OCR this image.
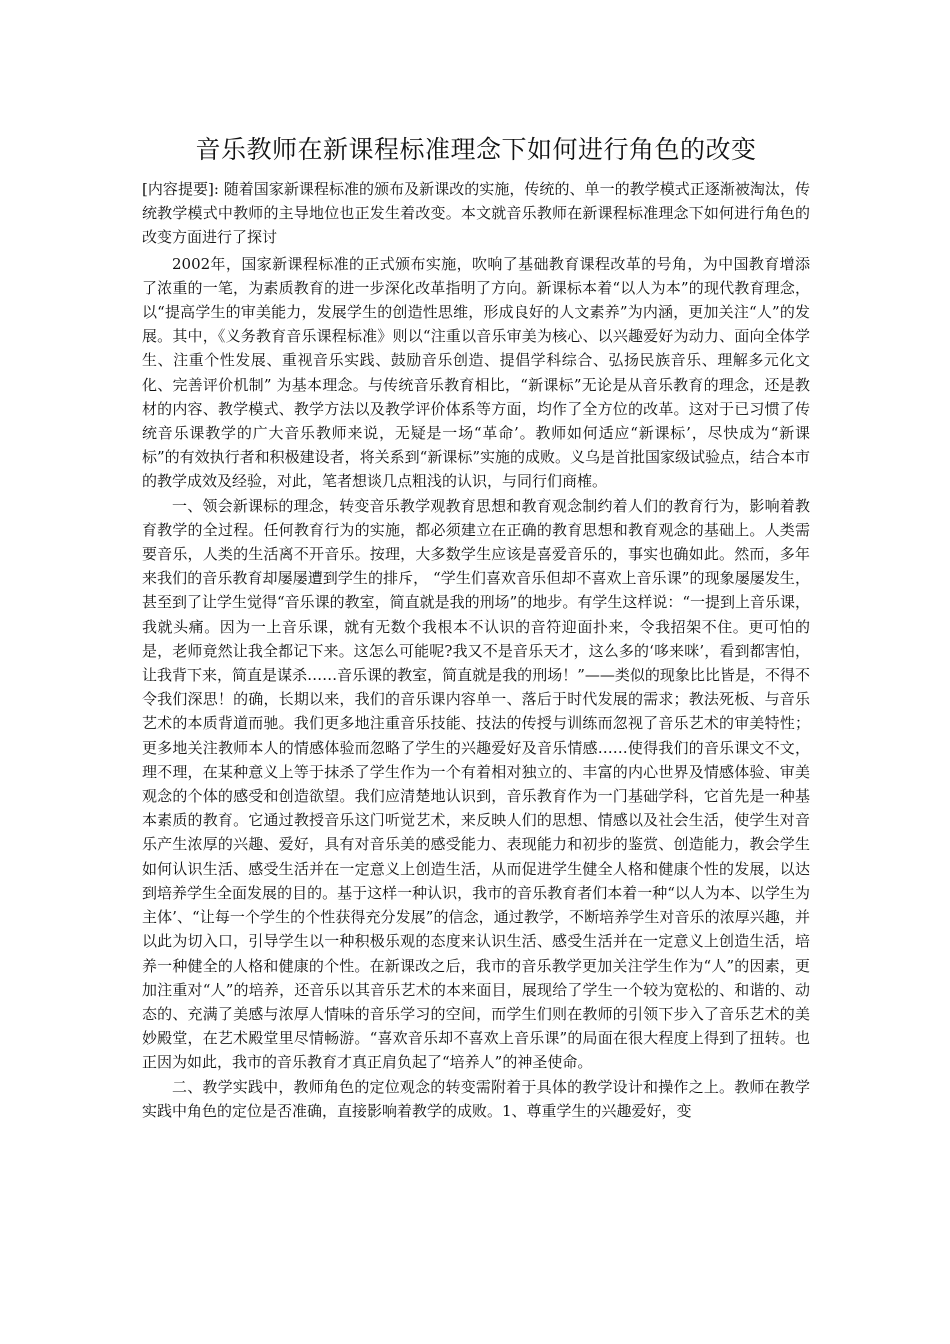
音乐教师在新课程标准理念下如何进行角色的改变

[内容提要]: 随着国家新课程标准的颁布及新课改的实施，传统的、单一的教学模式正逐渐被淘汰，传统教学模式中教师的主导地位也正发生着改变。本文就音乐教师在新课程标准理念下如何进行角色的改变方面进行了探讨

2002年，国家新课程标准的正式颁布实施，吹响了基础教育课程改革的号角，为中国教育增添了浓重的一笔，为素质教育的进一步深化改革指明了方向。新课标本着“以人为本”的现代教育理念，以“提高学生的审美能力，发展学生的创造性思维，形成良好的人文素养”为内涵，更加关注“人”的发展。其中，《义务教育音乐课程标准》则以“注重以音乐审美为核心、以兴趣爱好为动力、面向全体学生、注重个性发展、重视音乐实践、鼓励音乐创造、提倡学科综合、弘扬民族音乐、理解多元化文化、完善评价机制” 为基本理念。与传统音乐教育相比，“新课标”无论是从音乐教育的理念，还是教材的内容、教学模式、教学方法以及教学评价体系等方面，均作了全方位的改革。这对于已习惯了传统音乐课教学的广大音乐教师来说，无疑是一场“革命’。教师如何适应“新课标’，尽快成为“新课标”的有效执行者和积极建设者，将关系到“新课标”实施的成败。义乌是首批国家级试验点，结合本市的教学成效及经验，对此，笔者想谈几点粗浅的认识，与同行们商榷。

一、领会新课标的理念，转变音乐教学观教育思想和教育观念制约着人们的教育行为，影响着教育教学的全过程。任何教育行为的实施，都必须建立在正确的教育思想和教育观念的基础上。人类需要音乐，人类的生活离不开音乐。按理，大多数学生应该是喜爱音乐的，事实也确如此。然而，多年来我们的音乐教育却屡屡遭到学生的排斥， “学生们喜欢音乐但却不喜欢上音乐课”的现象屡屡发生，甚至到了让学生觉得“音乐课的教室，简直就是我的刑场”的地步。有学生这样说：“一提到上音乐课，我就头痛。因为一上音乐课，就有无数个我根本不认识的音符迎面扑来，令我招架不住。更可怕的是，老师竟然让我全都记下来。这怎么可能呢?我又不是音乐天才，这么多的‘哆来咪’，看到都害怕，让我背下来，简直是谋杀……音乐课的教室，简直就是我的刑场！”——类似的现象比比皆是，不得不令我们深思！的确，长期以来，我们的音乐课内容单一、落后于时代发展的需求；教法死板、与音乐艺术的本质背道而驰。我们更多地注重音乐技能、技法的传授与训练而忽视了音乐艺术的审美特性；更多地关注教师本人的情感体验而忽略了学生的兴趣爱好及音乐情感……使得我们的音乐课文不文，理不理，在某种意义上等于抹杀了学生作为一个有着相对独立的、丰富的内心世界及情感体验、审美观念的个体的感受和创造欲望。我们应清楚地认识到，音乐教育作为一门基础学科，它首先是一种基本素质的教育。它通过教授音乐这门听觉艺术，来反映人们的思想、情感以及社会生活，使学生对音乐产生浓厚的兴趣、爱好，具有对音乐美的感受能力、表现能力和初步的鉴赏、创造能力，教会学生如何认识生活、感受生活并在一定意义上创造生活，从而促进学生健全人格和健康个性的发展，以达到培养学生全面发展的目的。基于这样一种认识，我市的音乐教育者们本着一种“以人为本、以学生为主体’、“让每一个学生的个性获得充分发展”的信念，通过教学，不断培养学生对音乐的浓厚兴趣，并以此为切入口，引导学生以一种积极乐观的态度来认识生活、感受生活并在一定意义上创造生活，培养一种健全的人格和健康的个性。在新课改之后，我市的音乐教学更加关注学生作为“人”的因素，更加注重对“人”的培养，还音乐以其音乐艺术的本来面目，展现给了学生一个较为宽松的、和谐的、动态的、充满了美感与浓厚人情味的音乐学习的空间，而学生们则在教师的引领下步入了音乐艺术的美妙殿堂，在艺术殿堂里尽情畅游。“喜欢音乐却不喜欢上音乐课”的局面在很大程度上得到了扭转。也正因为如此，我市的音乐教育才真正肩负起了“培养人”的神圣使命。

二、教学实践中，教师角色的定位观念的转变需附着于具体的教学设计和操作之上。教师在教学实践中角色的定位是否准确，直接影响着教学的成败。1、尊重学生的兴趣爱好，变
